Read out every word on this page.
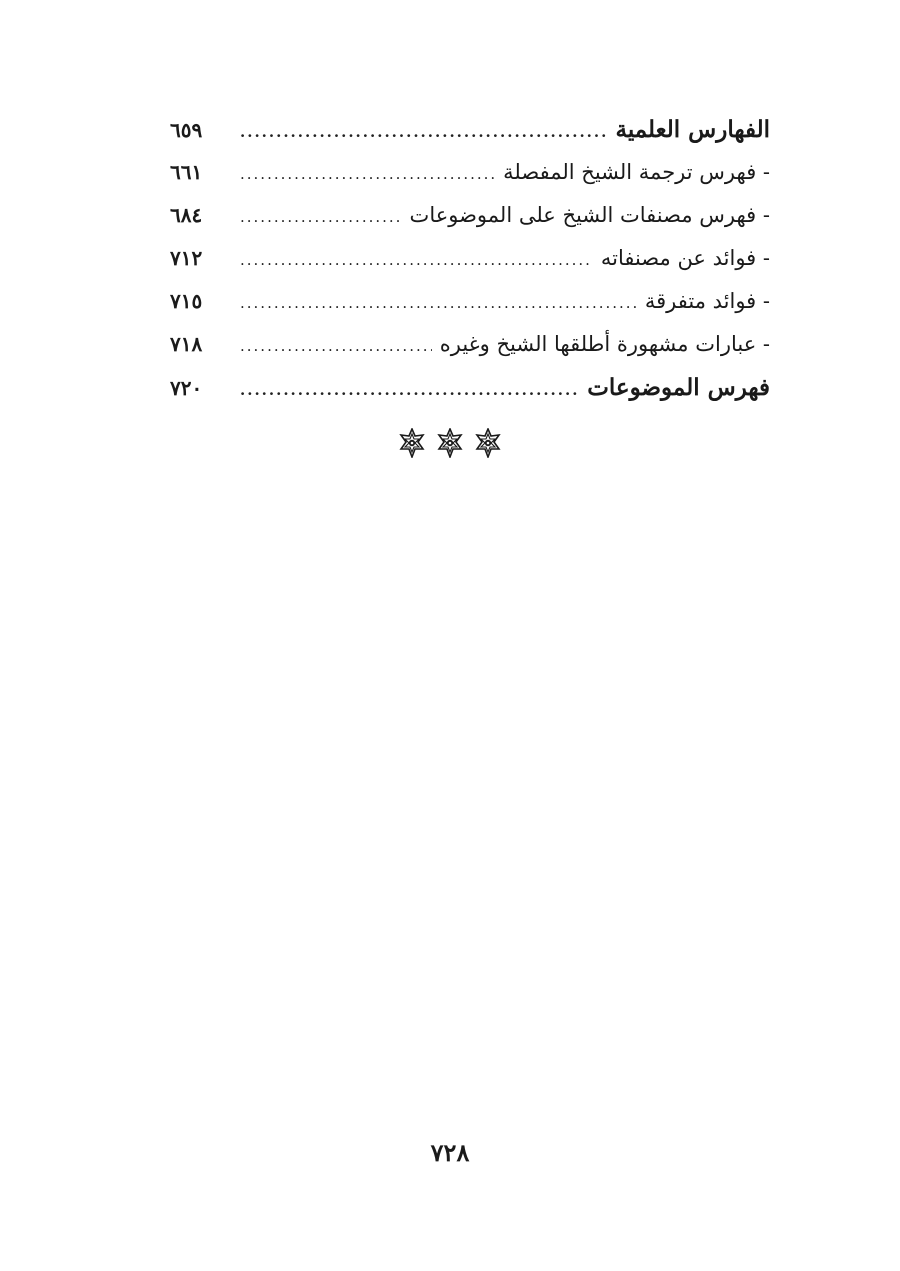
الفهارس العلمية
.....
٦٥٩
- فهرس ترجمة الشيخ المفصلة
.....
٦٦١
- فهرس مصنفات الشيخ على الموضوعات
.....
٦٨٤
- فوائد عن مصنفاته
.....
٧١٢
- فوائد متفرقة
.....
٧١٥
- عبارات مشهورة أطلقها الشيخ وغيره
.....
٧١٨
فهرس الموضوعات
.....
٧٢٠
٧٢٨
